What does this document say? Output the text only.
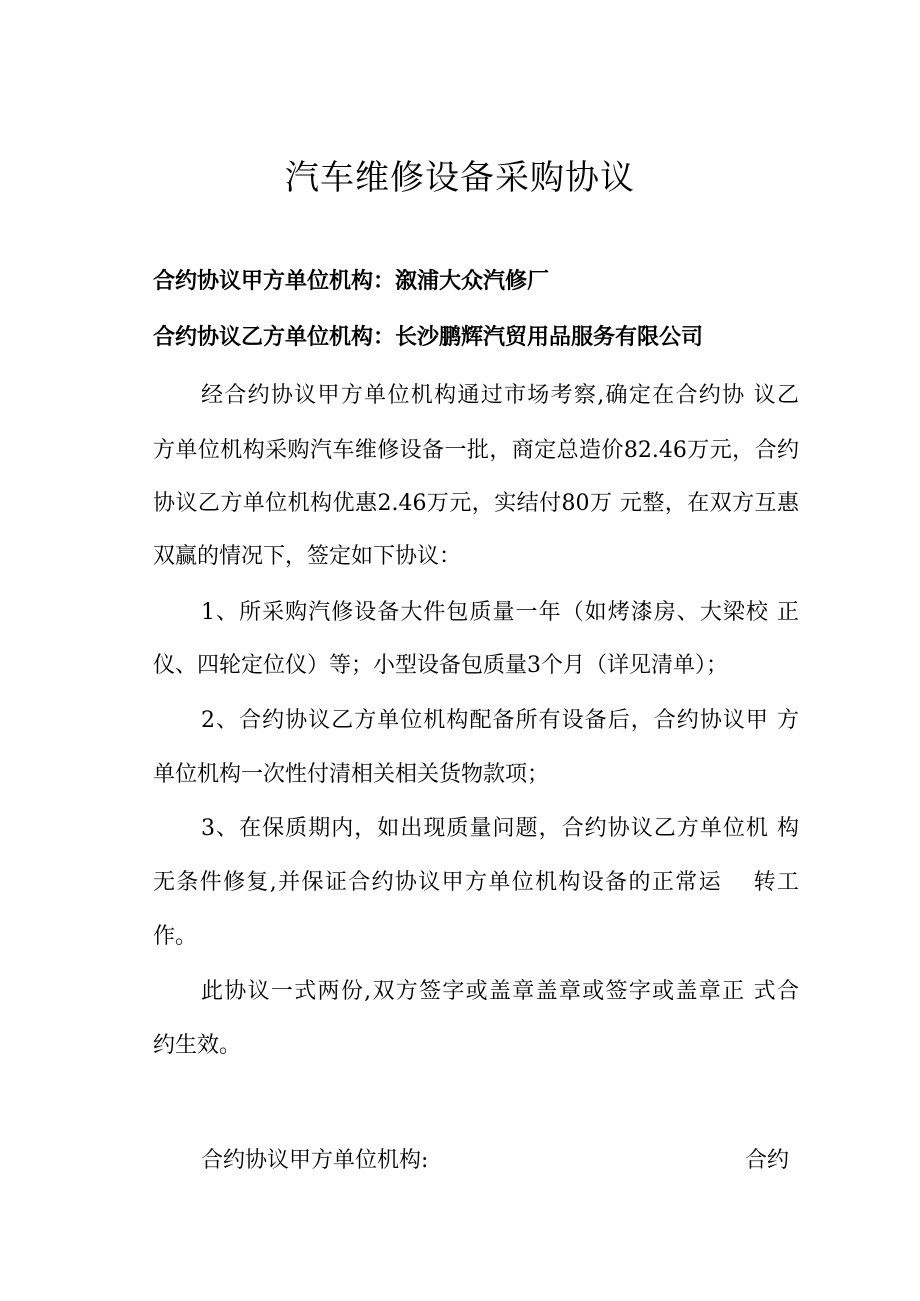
汽车维修设备采购协议
合约协议甲方单位机构：溆浦大众汽修厂
合约协议乙方单位机构：长沙鹏辉汽贸用品服务有限公司
经合约协议甲方单位机构通过市场考察,确定在合约协 议乙
方单位机构采购汽车维修设备一批，商定总造价82.46万元，合约
协议乙方单位机构优惠2.46万元，实结付80万 元整，在双方互惠
双赢的情况下，签定如下协议：
1、所采购汽修设备大件包质量一年（如烤漆房、大梁校 正
仪、四轮定位仪）等；小型设备包质量3个月（详见清单）；
2、合约协议乙方单位机构配备所有设备后，合约协议甲 方
单位机构一次性付清相关相关货物款项；
3、在保质期内，如出现质量问题，合约协议乙方单位机 构
无条件修复,并保证合约协议甲方单位机构设备的正常运　 转工
作。
此协议一式两份,双方签字或盖章盖章或签字或盖章正 式合
约生效。
合约协议甲方单位机构:	合约
